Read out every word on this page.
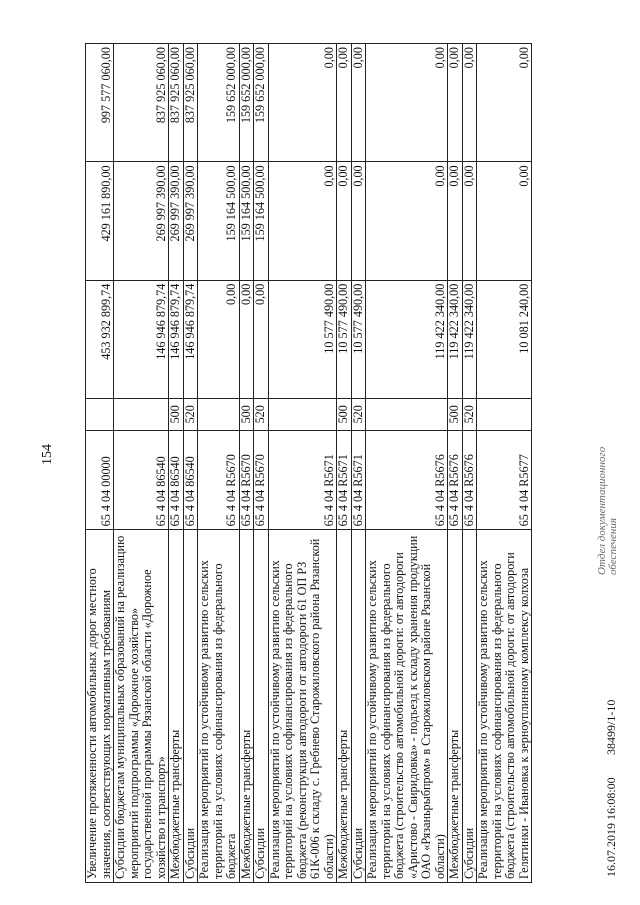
154
Увеличение протяженности автомобильных дорог местного значения, соответствующих нормативным требованиям	65 4 04 00000		453 932 899,74	429 161 890,00	997 577 060,00
Субсидии бюджетам муниципальных образований на реализацию мероприятий подпрограммы «Дорожное хозяйство» государственной программы Рязанской области «Дорожное хозяйство и транспорт»	65 4 04 86540		146 946 879,74	269 997 390,00	837 925 060,00
Межбюджетные трансферты	65 4 04 86540	500	146 946 879,74	269 997 390,00	837 925 060,00
Субсидии	65 4 04 86540	520	146 946 879,74	269 997 390,00	837 925 060,00
Реализация мероприятий по устойчивому развитию сельских территорий на условиях софинансирования из федерального бюджета	65 4 04 R5670		0,00	159 164 500,00	159 652 000,00
Межбюджетные трансферты	65 4 04 R5670	500	0,00	159 164 500,00	159 652 000,00
Субсидии	65 4 04 R5670	520	0,00	159 164 500,00	159 652 000,00
Реализация мероприятий по устойчивому развитию сельских территорий на условиях софинансирования из федерального бюджета (реконструкция автодороги от автодороги 61 ОП РЗ 61К-006 к складу с. Гребнево Старожиловского района Рязанской области)	65 4 04 R5671		10 577 490,00	0,00	0,00
Межбюджетные трансферты	65 4 04 R5671	500	10 577 490,00	0,00	0,00
Субсидии	65 4 04 R5671	520	10 577 490,00	0,00	0,00
Реализация мероприятий по устойчивому развитию сельских территорий на условиях софинансирования из федерального бюджета (строительство автомобильной дороги: от автодороги «Аристово - Свиридовка» - подъезд к складу хранения продукции ОАО «Рязаньрыбпром» в Старожиловском районе Рязанской области)	65 4 04 R5676		119 422 340,00	0,00	0,00
Межбюджетные трансферты	65 4 04 R5676	500	119 422 340,00	0,00	0,00
Субсидии	65 4 04 R5676	520	119 422 340,00	0,00	0,00
Реализация мероприятий по устойчивому развитию сельских территорий на условиях софинансирования из федерального бюджета (строительство автомобильной дороги: от автодороги Гелятинки - Ивановка к зерноуплинному комплексу колхоза	65 4 04 R5677		10 081 240,00	0,00	0,00
16.07.2019 16:08:00
38499/1-10
Отдел документационного обеспечения
